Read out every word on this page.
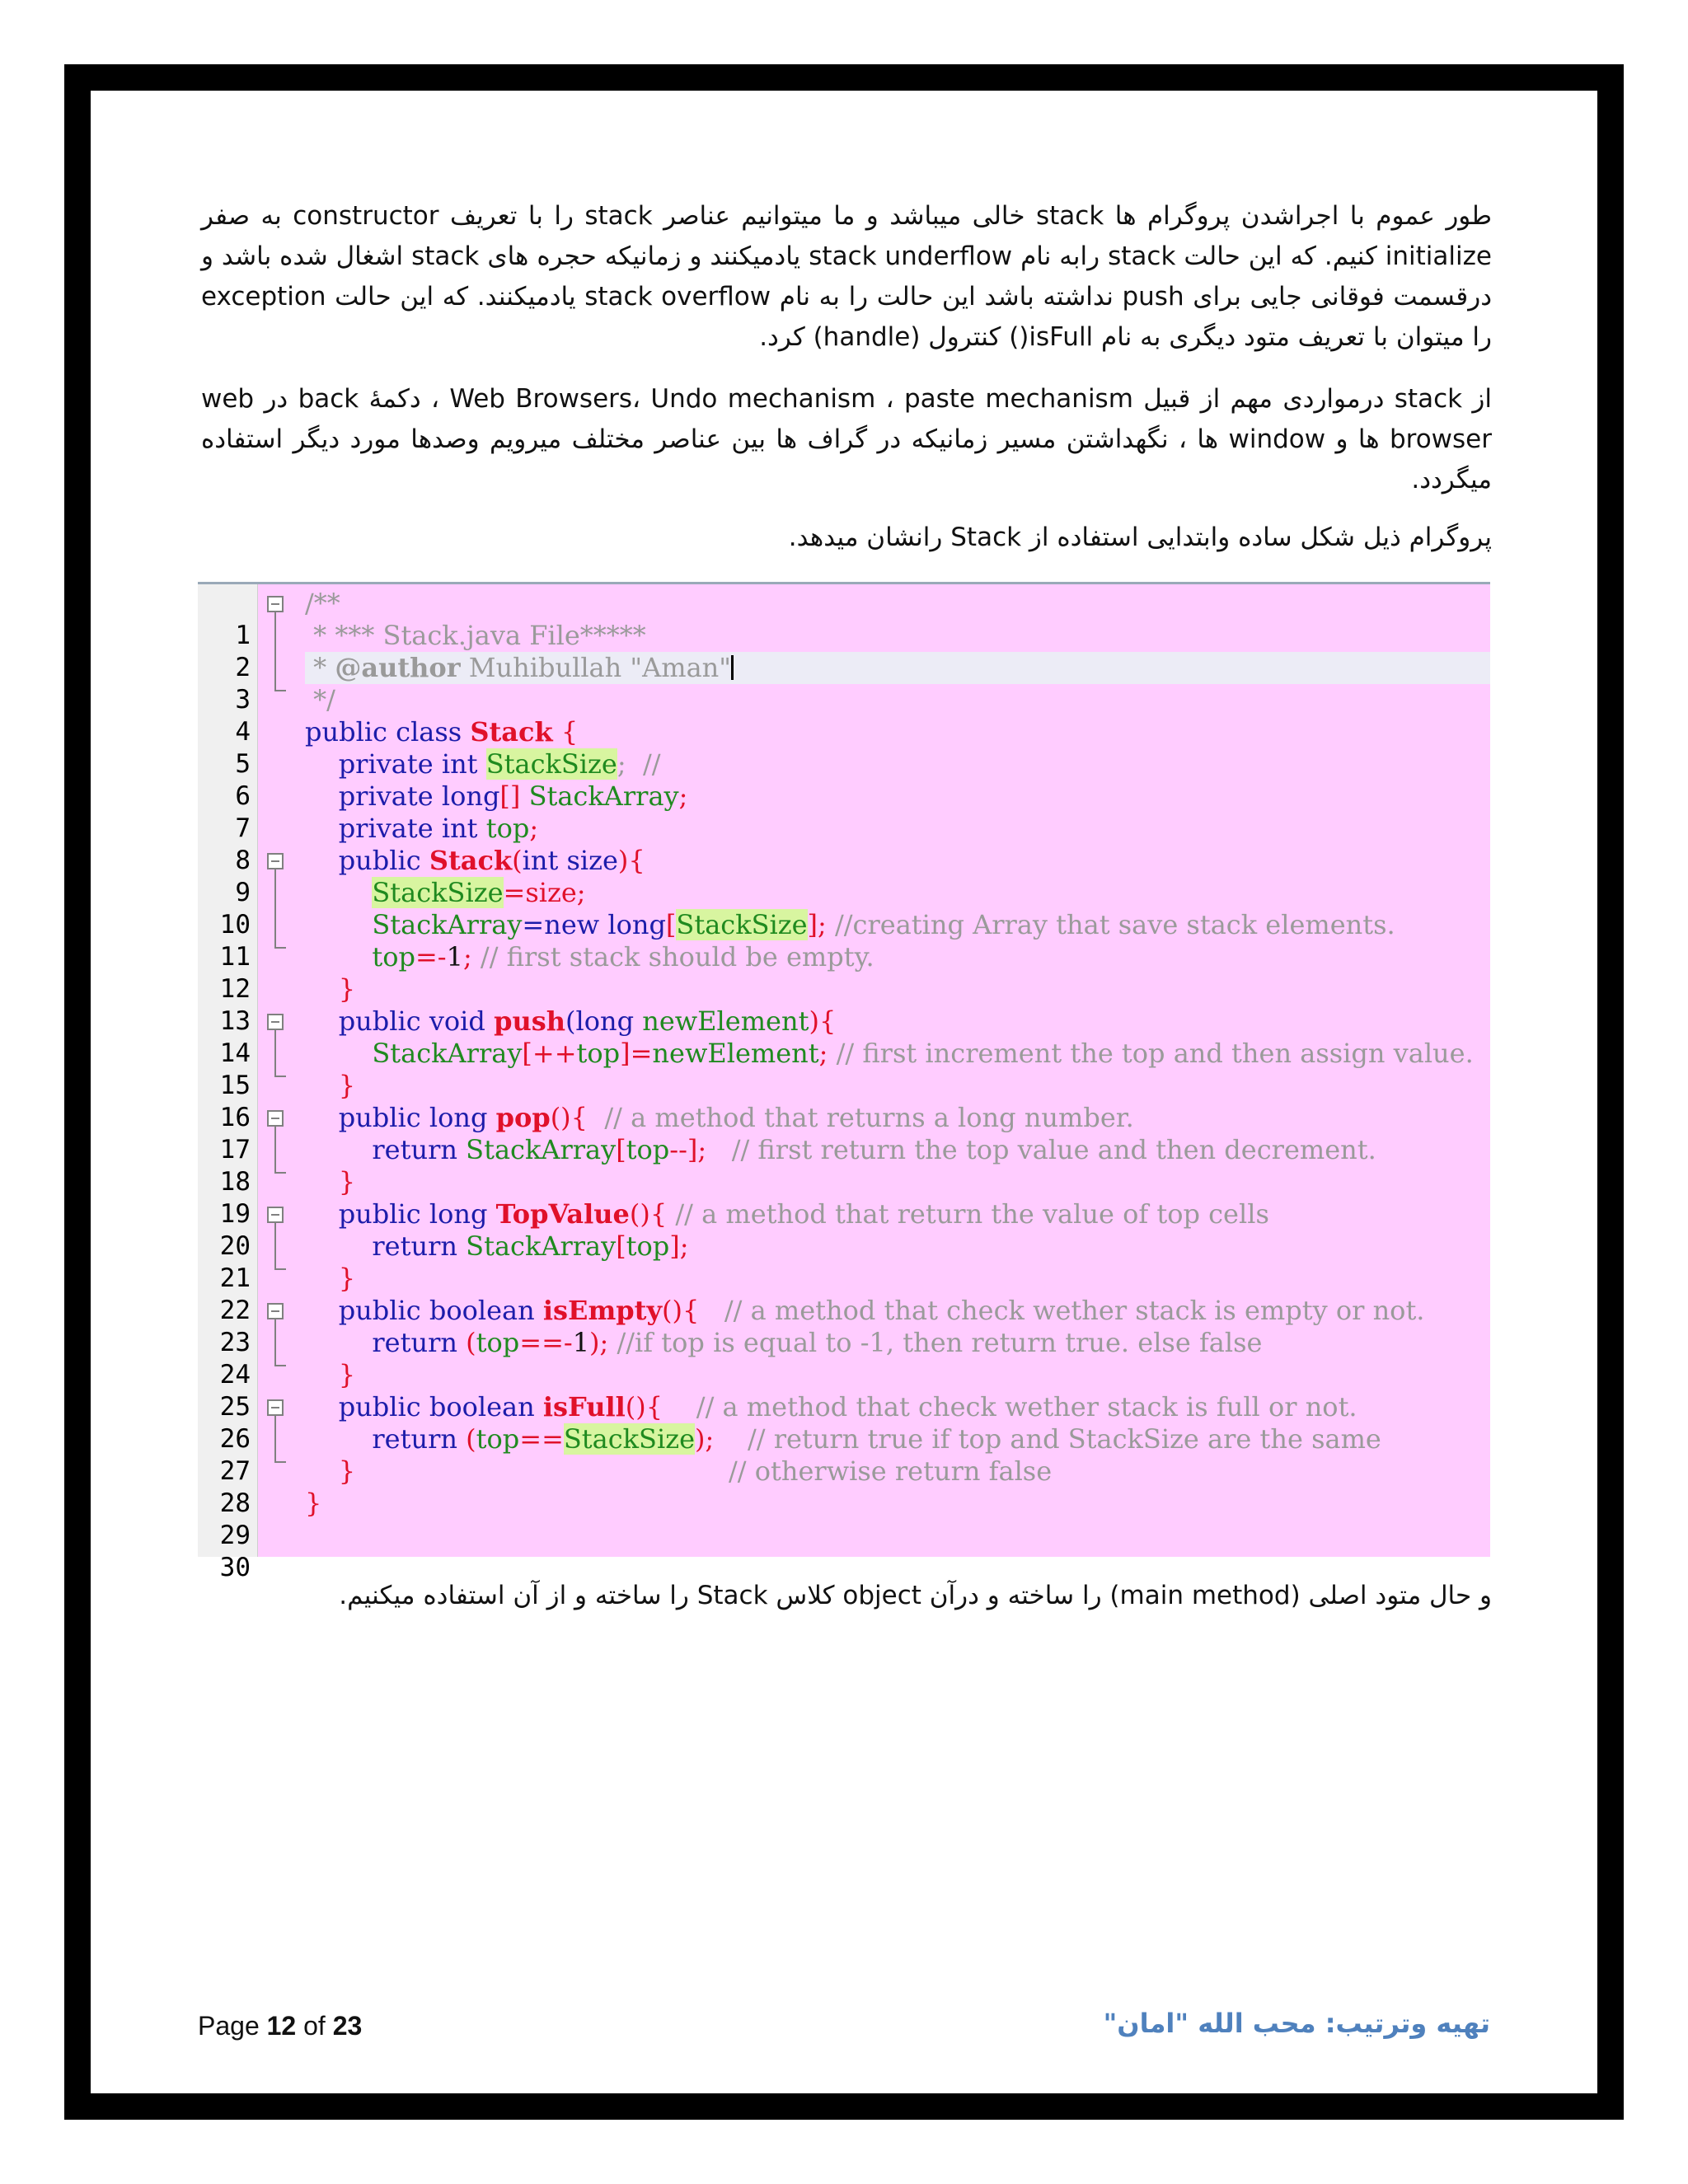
طور عموم با اجراشدن پروگرام ها stack خالی میباشد و ما میتوانیم عناصر stack را با تعریف constructor به صفر initialize کنیم. که این حالت stack رابه نام stack underflow یادمیکنند و زمانیکه حجره های stack اشغال شده باشد و درقسمت فوقانی جایی برای push نداشته باشد این حالت را به نام stack overflow یادمیکنند. که این حالت exception را میتوان با تعریف متود دیگری به نام isFull() کنترول (handle) کرد.
از stack درمواردی مهم از قبیل Web Browsers، Undo mechanism ، paste mechanism ، دکمهٔ back در web browser ها و window ها ، نگهداشتن مسیر زمانیکه در گراف ها بین عناصر مختلف میرویم وصدها مورد دیگر استفاده میگردد.
پروگرام ذیل شکل ساده وابتدایی استفاده از Stack رانشان میدهد.

1

/**

2

* *** Stack.java File*****

3

* @author Muhibullah "Aman"

4

*/

5

public class Stack {

6

private int StackSize;  //

7

private long[] StackArray;

8

private int top;

9

public Stack(int size){

10

StackSize=size;

11

StackArray=new long[StackSize]; //creating Array that save stack elements.

12

top=-1; // first stack should be empty.

13

}

14

public void push(long newElement){

15

StackArray[++top]=newElement; // first increment the top and then assign value.

16

}

17

public long pop(){  // a method that returns a long number.

18

return StackArray[top--];   // first return the top value and then decrement.

19

}

20

public long TopValue(){ // a method that return the value of top cells

21

return StackArray[top];

22

}

23

public boolean isEmpty(){   // a method that check wether stack is empty or not.

24

return (top==-1); //if top is equal to -1, then return true. else false

25

}

26

public boolean isFull(){    // a method that check wether stack is full or not.

27

return (top==StackSize);    // return true if top and StackSize are the same

28

}	// otherwise return false

29

}

30

و حال متود اصلی (main method) را ساخته و درآن object کلاس Stack را ساخته و از آن استفاده میکنیم.
Page 12 of 23	تهیه وترتیب: محب الله "امان"
